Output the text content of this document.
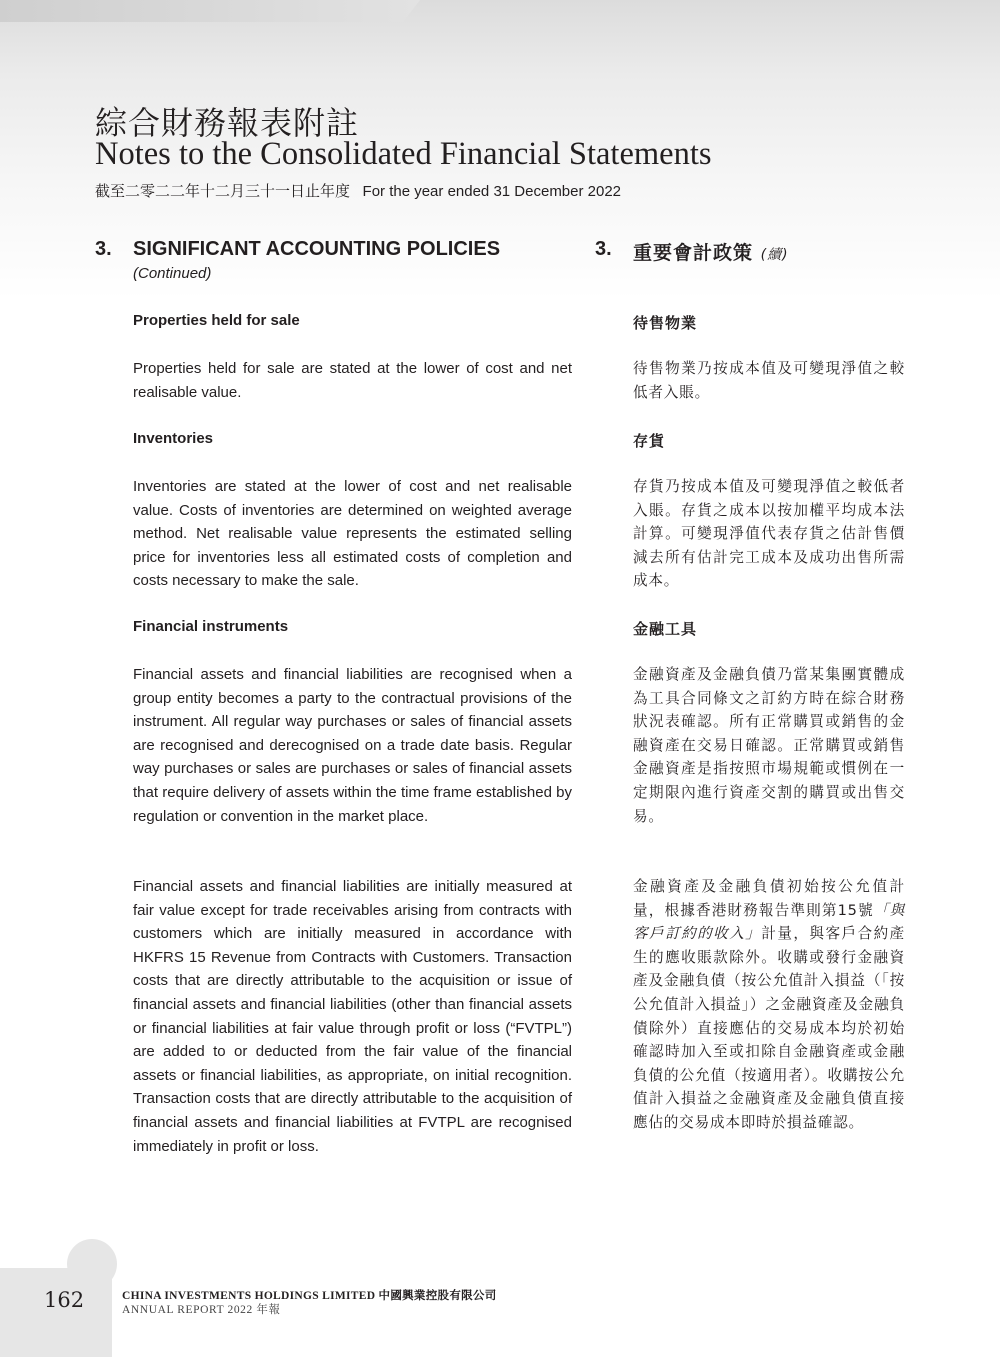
綜合財務報表附註
Notes to the Consolidated Financial Statements
截至二零二二年十二月三十一日止年度 For the year ended 31 December 2022
3. SIGNIFICANT ACCOUNTING POLICIES
(Continued)
3. 重要會計政策 (續)
Properties held for sale

Properties held for sale are stated at the lower of cost and net realisable value.

Inventories

Inventories are stated at the lower of cost and net realisable value. Costs of inventories are determined on weighted average method. Net realisable value represents the estimated selling price for inventories less all estimated costs of completion and costs necessary to make the sale.

Financial instruments

Financial assets and financial liabilities are recognised when a group entity becomes a party to the contractual provisions of the instrument. All regular way purchases or sales of financial assets are recognised and derecognised on a trade date basis. Regular way purchases or sales are purchases or sales of financial assets that require delivery of assets within the time frame established by regulation or convention in the market place.

Financial assets and financial liabilities are initially measured at fair value except for trade receivables arising from contracts with customers which are initially measured in accordance with HKFRS 15 Revenue from Contracts with Customers. Transaction costs that are directly attributable to the acquisition or issue of financial assets and financial liabilities (other than financial assets or financial liabilities at fair value through profit or loss (“FVTPL”) are added to or deducted from the fair value of the financial assets or financial liabilities, as appropriate, on initial recognition. Transaction costs that are directly attributable to the acquisition of financial assets and financial liabilities at FVTPL are recognised immediately in profit or loss.

待售物業

待售物業乃按成本值及可變現淨值之較低者入賬。

存貨

存貨乃按成本值及可變現淨值之較低者入賬。存貨之成本以按加權平均成本法計算。可變現淨值代表存貨之估計售價減去所有估計完工成本及成功出售所需成本。

金融工具

金融資產及金融負債乃當某集團實體成為工具合同條文之訂約方時在綜合財務狀況表確認。所有正常購買或銷售的金融資產在交易日確認。正常購買或銷售金融資產是指按照市場規範或慣例在一定期限內進行資產交割的購買或出售交易。

金融資產及金融負債初始按公允值計量，根據香港財務報告準則第15號「與客戶訂約的收入」計量，與客戶合約產生的應收賬款除外。收購或發行金融資產及金融負債（按公允值計入損益（「按公允值計入損益」）之金融資產及金融負債除外）直接應佔的交易成本均於初始確認時加入至或扣除自金融資產或金融負債的公允值（按適用者）。收購按公允值計入損益之金融資產及金融負債直接應佔的交易成本即時於損益確認。

162	CHINA INVESTMENTS HOLDINGS LIMITED 中國興業控股有限公司
ANNUAL REPORT 2022 年報
